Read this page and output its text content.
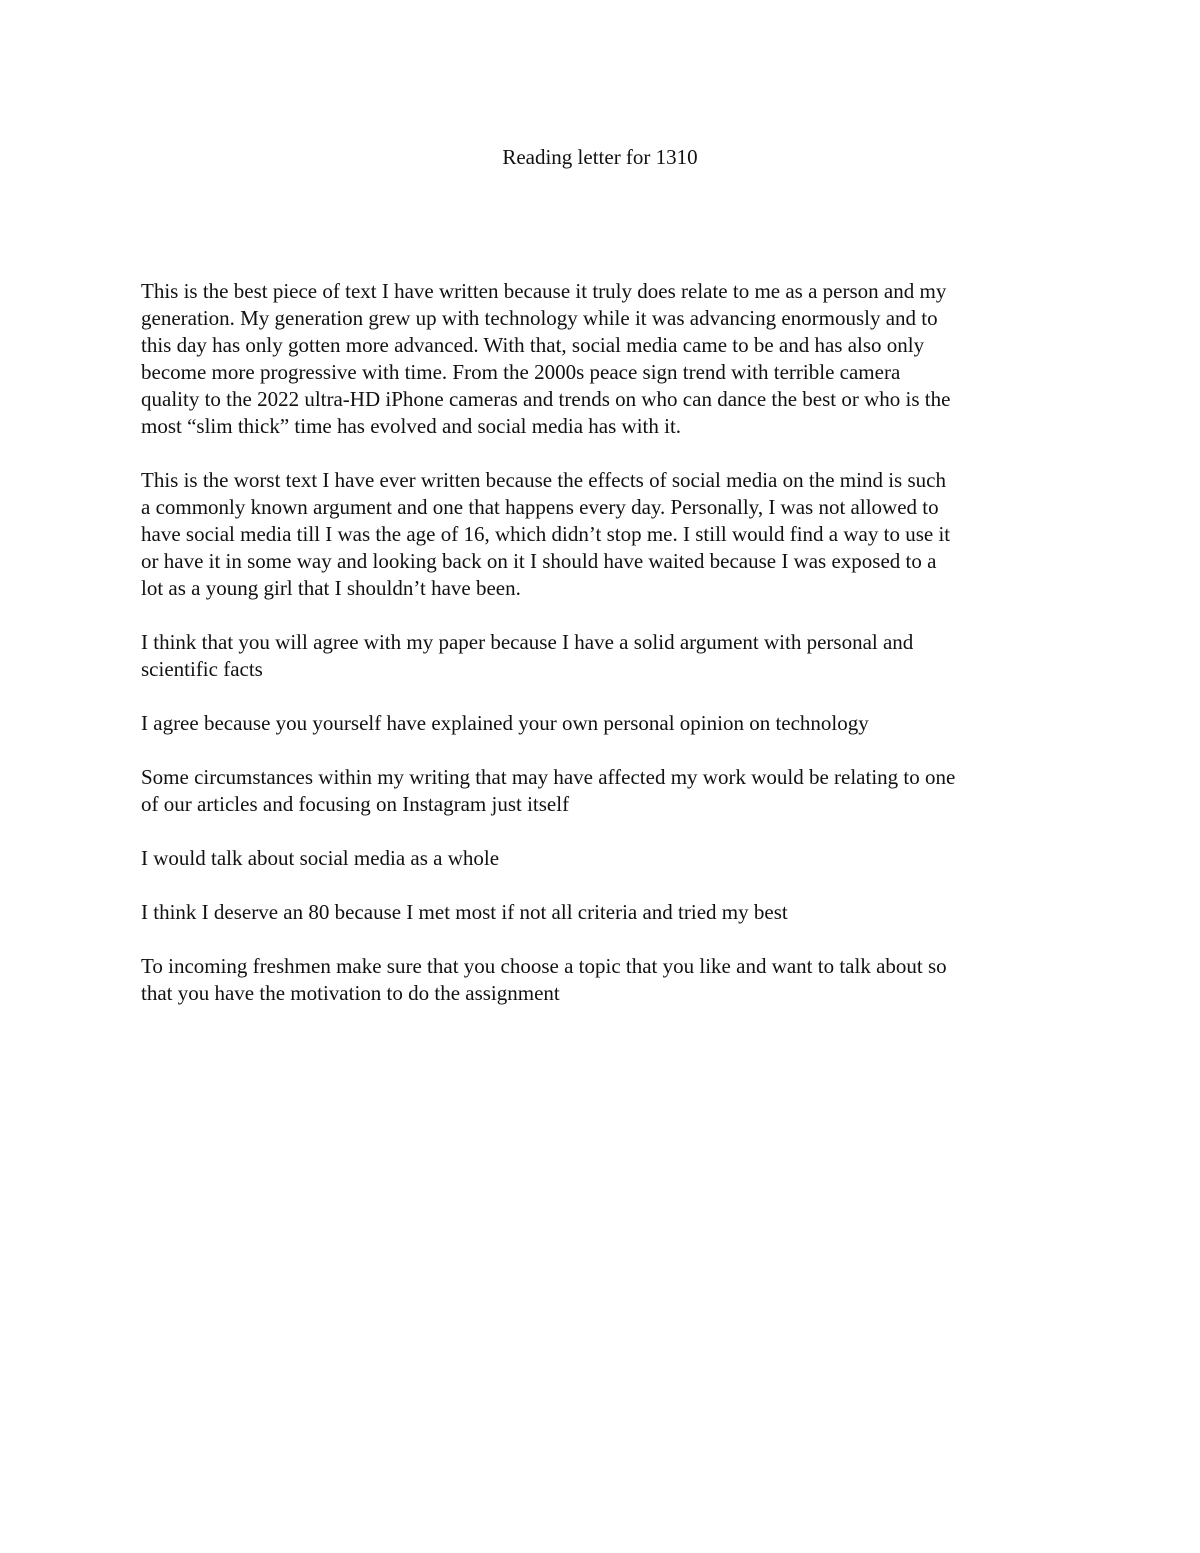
Reading letter for 1310

This is the best piece of text I have written because it truly does relate to me as a person and my
generation. My generation grew up with technology while it was advancing enormously and to
this day has only gotten more advanced. With that, social media came to be and has also only
become more progressive with time. From the 2000s peace sign trend with terrible camera
quality to the 2022 ultra-HD iPhone cameras and trends on who can dance the best or who is the
most “slim thick” time has evolved and social media has with it.

This is the worst text I have ever written because the effects of social media on the mind is such
a commonly known argument and one that happens every day. Personally, I was not allowed to
have social media till I was the age of 16, which didn’t stop me. I still would find a way to use it
or have it in some way and looking back on it I should have waited because I was exposed to a
lot as a young girl that I shouldn’t have been.

I think that you will agree with my paper because I have a solid argument with personal and
scientific facts

I agree because you yourself have explained your own personal opinion on technology

Some circumstances within my writing that may have affected my work would be relating to one
of our articles and focusing on Instagram just itself

I would talk about social media as a whole

I think I deserve an 80 because I met most if not all criteria and tried my best

To incoming freshmen make sure that you choose a topic that you like and want to talk about so
that you have the motivation to do the assignment
